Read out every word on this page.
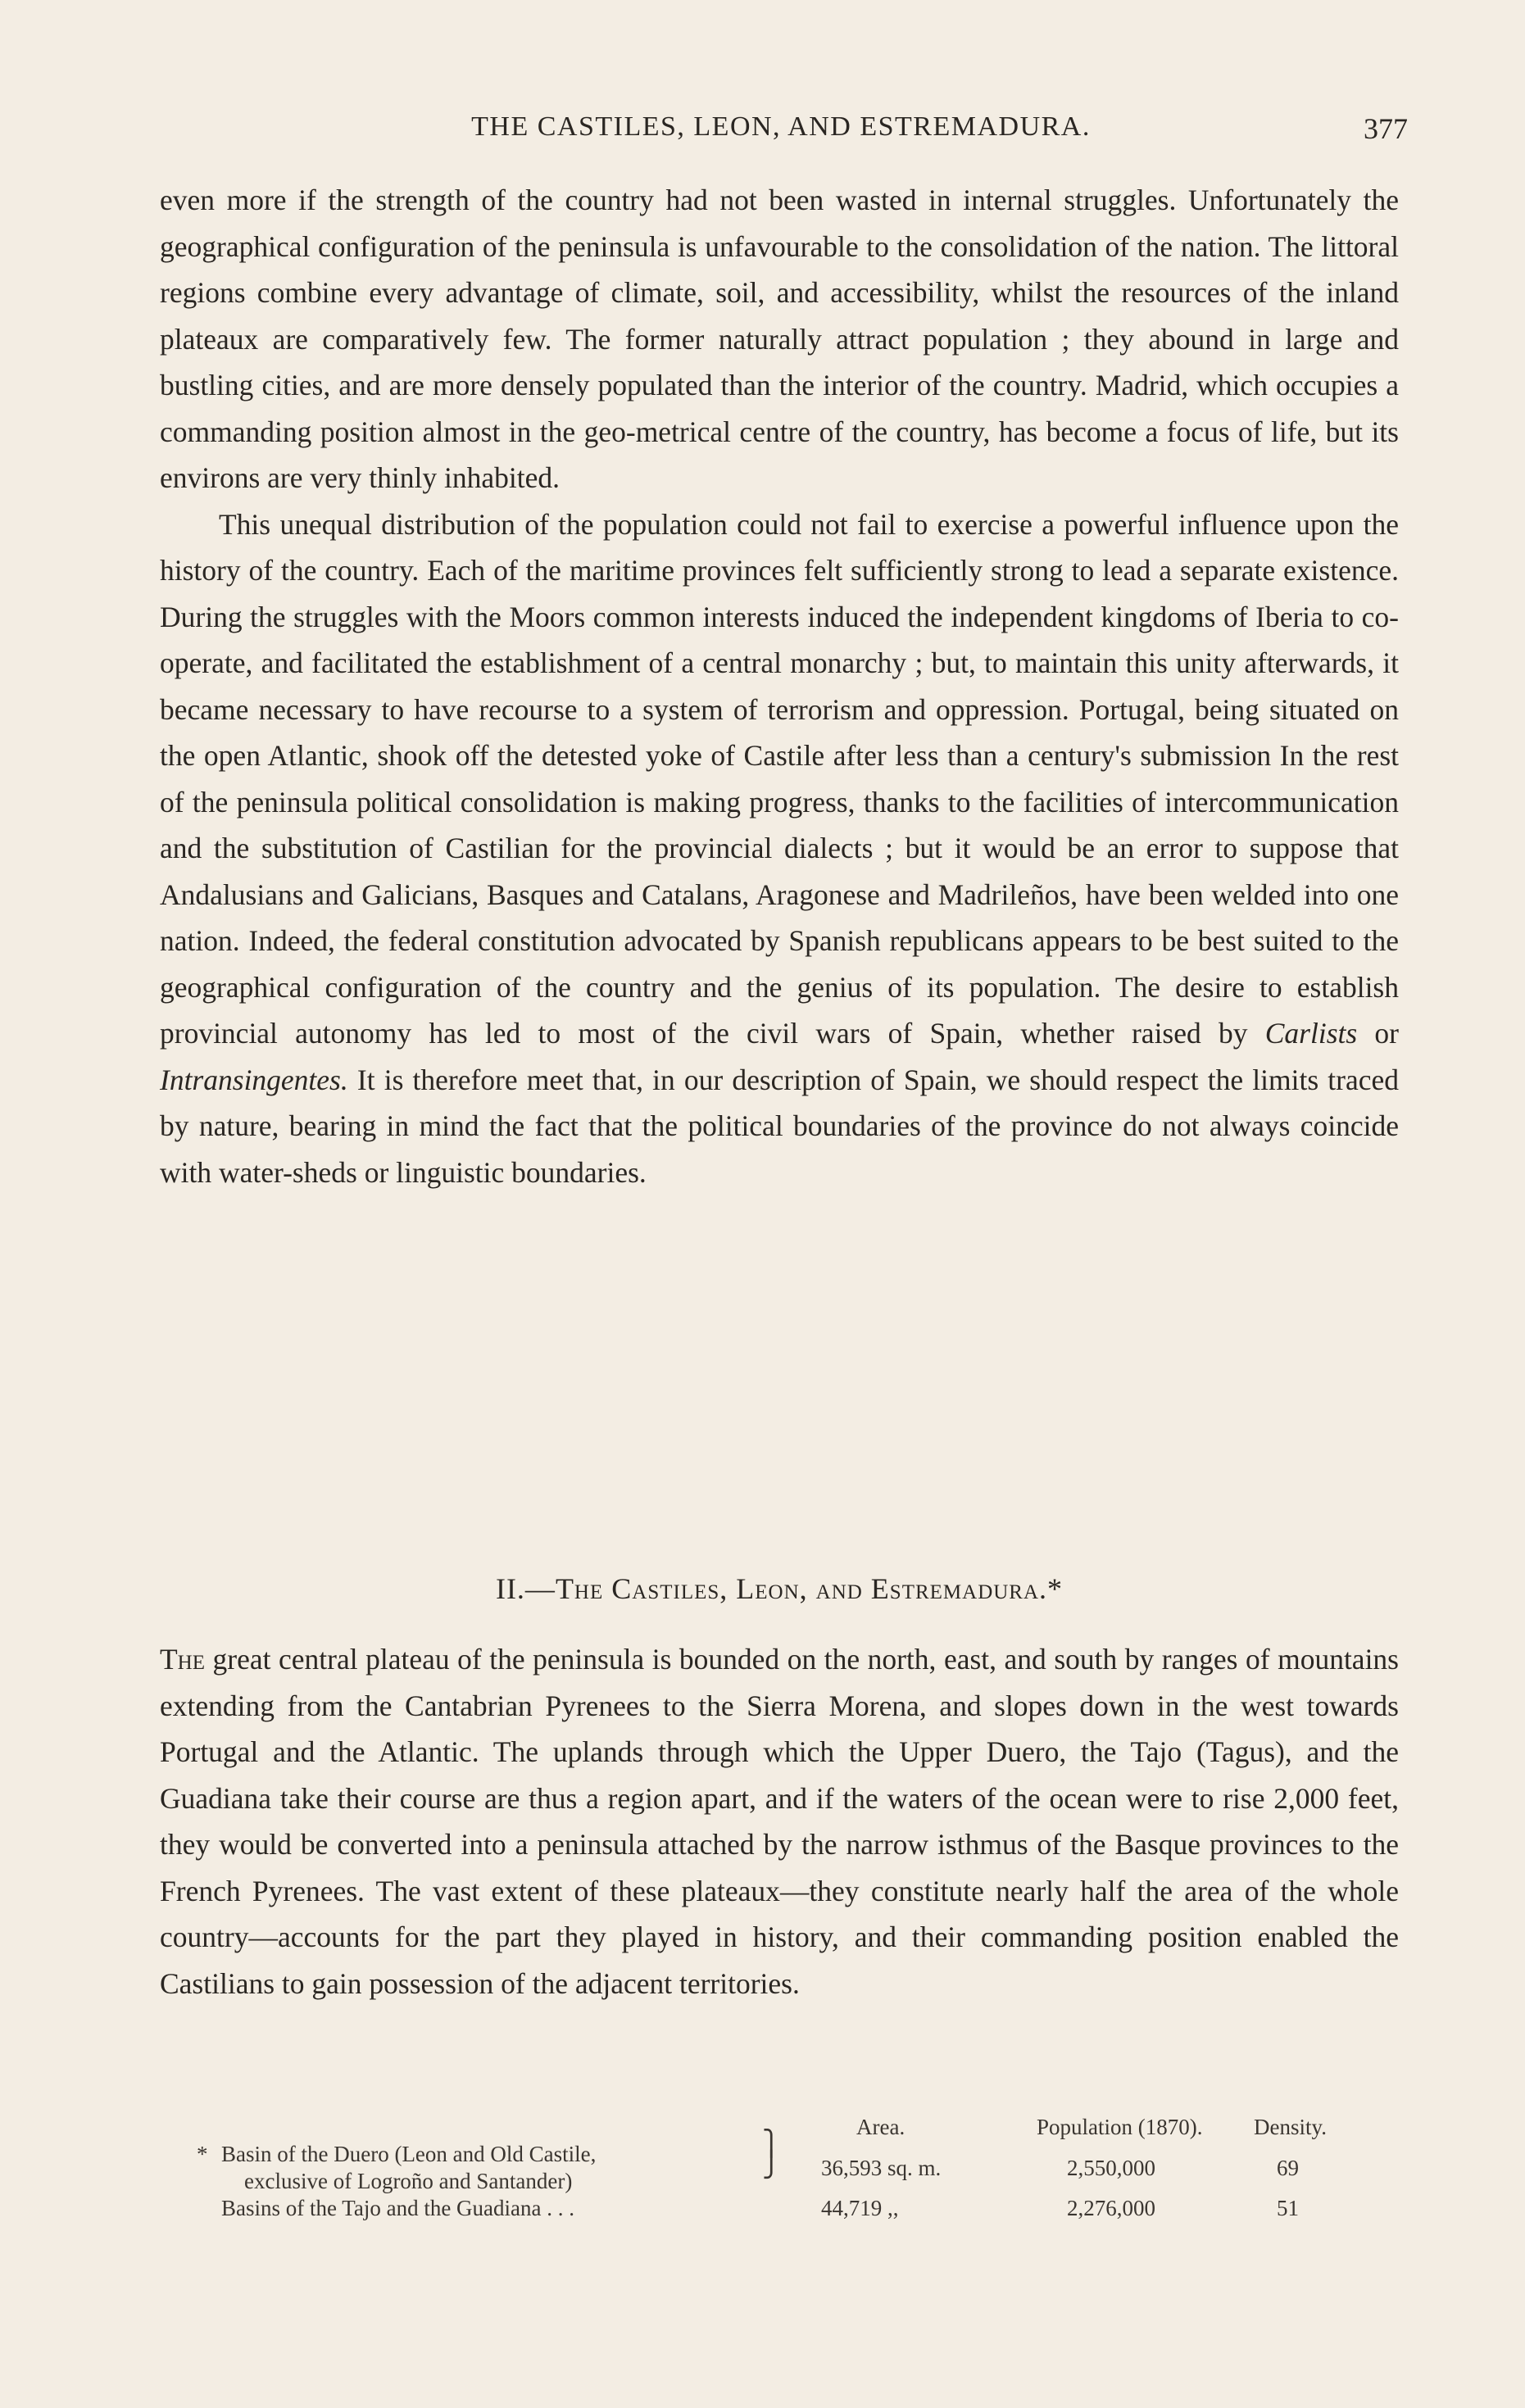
THE CASTILES, LEON, AND ESTREMADURA.	377

even more if the strength of the country had not been wasted in internal struggles. Unfortunately the geographical configuration of the peninsula is unfavourable to the consolidation of the nation. The littoral regions combine every advantage of climate, soil, and accessibility, whilst the resources of the inland plateaux are comparatively few. The former naturally attract population ; they abound in large and bustling cities, and are more densely populated than the interior of the country. Madrid, which occupies a commanding position almost in the geo-metrical centre of the country, has become a focus of life, but its environs are very thinly inhabited.

This unequal distribution of the population could not fail to exercise a powerful influence upon the history of the country. Each of the maritime provinces felt sufficiently strong to lead a separate existence. During the struggles with the Moors common interests induced the independent kingdoms of Iberia to co-operate, and facilitated the establishment of a central monarchy ; but, to maintain this unity afterwards, it became necessary to have recourse to a system of terrorism and oppression. Portugal, being situated on the open Atlantic, shook off the detested yoke of Castile after less than a century's submission In the rest of the peninsula political consolidation is making progress, thanks to the facilities of intercommunication and the substitution of Castilian for the provincial dialects ; but it would be an error to suppose that Andalusians and Galicians, Basques and Catalans, Aragonese and Madrileños, have been welded into one nation. Indeed, the federal constitution advocated by Spanish republicans appears to be best suited to the geographical configuration of the country and the genius of its population. The desire to establish provincial autonomy has led to most of the civil wars of Spain, whether raised by Carlists or Intransingentes. It is therefore meet that, in our description of Spain, we should respect the limits traced by nature, bearing in mind the fact that the political boundaries of the province do not always coincide with water-sheds or linguistic boundaries.

II.—The Castiles, Leon, and Estremadura.*

The great central plateau of the peninsula is bounded on the north, east, and south by ranges of mountains extending from the Cantabrian Pyrenees to the Sierra Morena, and slopes down in the west towards Portugal and the Atlantic. The uplands through which the Upper Duero, the Tajo (Tagus), and the Guadiana take their course are thus a region apart, and if the waters of the ocean were to rise 2,000 feet, they would be converted into a peninsula attached by the narrow isthmus of the Basque provinces to the French Pyrenees. The vast extent of these plateaux—they constitute nearly half the area of the whole country—accounts for the part they played in history, and their commanding position enabled the Castilians to gain possession of the adjacent territories.

Area.	Population (1870). Density.
* Basin of the Duero (Leon and Old Castile,
exclusive of Logroño and Santander)
36,593 sq. m.	2,550,000	69
Basins of the Tajo and the Guadiana . . .	44,719 ,,	2,276,000	51
⎫
⎭
